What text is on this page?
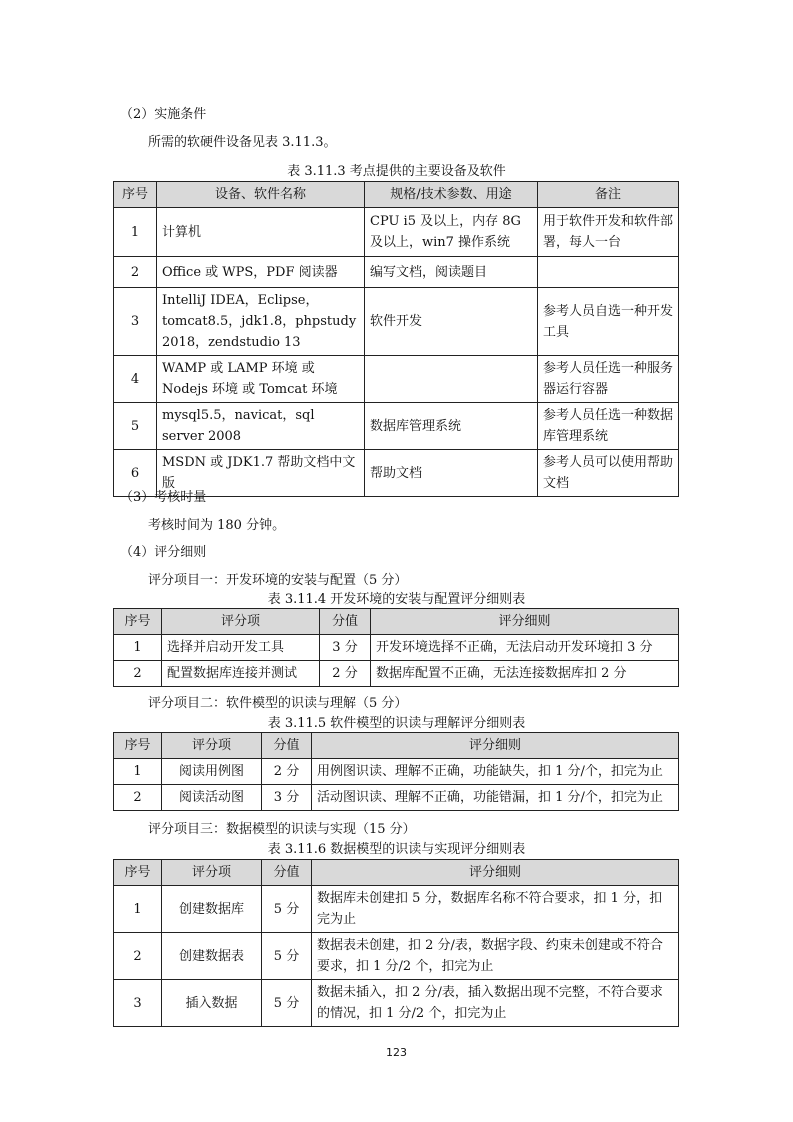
（2）实施条件
所需的软硬件设备见表 3.11.3。
表 3.11.3 考点提供的主要设备及软件
序号	设备、软件名称	规格/技术参数、用途	备注
1	计算机	CPU i5 及以上，内存 8G 及以上，win7 操作系统	用于软件开发和软件部署，每人一台
2	Office 或 WPS，PDF 阅读器	编写文档，阅读题目	
3	IntelliJ IDEA，Eclipse，tomcat8.5，jdk1.8，phpstudy 2018，zendstudio 13	软件开发	参考人员自选一种开发工具
4	WAMP 或 LAMP 环境 或 Nodejs 环境 或 Tomcat 环境		参考人员任选一种服务器运行容器
5	mysql5.5，navicat，sql server 2008	数据库管理系统	参考人员任选一种数据库管理系统
6	MSDN 或 JDK1.7 帮助文档中文版	帮助文档	参考人员可以使用帮助文档
（3）考核时量
考核时间为 180 分钟。
（4）评分细则
评分项目一：开发环境的安装与配置（5 分）
表 3.11.4 开发环境的安装与配置评分细则表
序号	评分项	分值	评分细则
1	选择并启动开发工具	3 分	开发环境选择不正确，无法启动开发环境扣 3 分
2	配置数据库连接并测试	2 分	数据库配置不正确，无法连接数据库扣 2 分
评分项目二：软件模型的识读与理解（5 分）
表 3.11.5 软件模型的识读与理解评分细则表
序号	评分项	分值	评分细则
1	阅读用例图	2 分	用例图识读、理解不正确，功能缺失，扣 1 分/个，扣完为止
2	阅读活动图	3 分	活动图识读、理解不正确，功能错漏，扣 1 分/个，扣完为止
评分项目三：数据模型的识读与实现（15 分）
表 3.11.6 数据模型的识读与实现评分细则表
序号	评分项	分值	评分细则
1	创建数据库	5 分	数据库未创建扣 5 分，数据库名称不符合要求，扣 1 分，扣完为止
2	创建数据表	5 分	数据表未创建，扣 2 分/表，数据字段、约束未创建或不符合要求，扣 1 分/2 个，扣完为止
3	插入数据	5 分	数据未插入，扣 2 分/表，插入数据出现不完整，不符合要求的情况，扣 1 分/2 个，扣完为止
123
